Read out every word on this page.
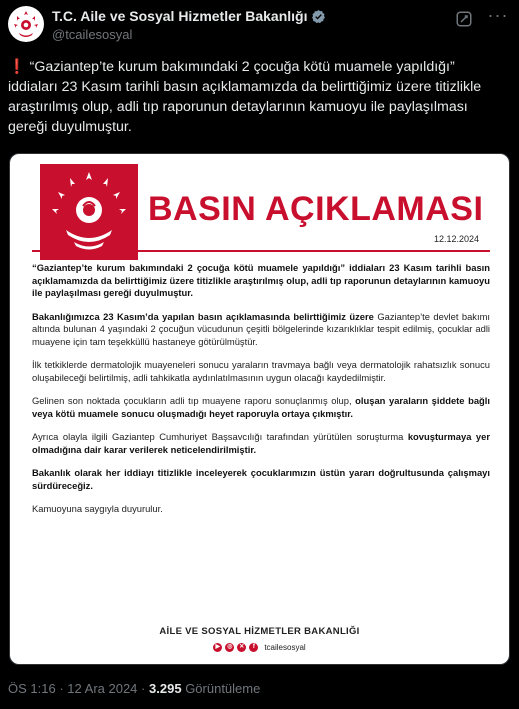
T.C. Aile ve Sosyal Hizmetler Bakanlığı
@tcailesosyal
···
❗ “Gaziantep’te kurum bakımındaki 2 çocuğa kötü muamele yapıldığı” iddiaları 23 Kasım tarihli basın açıklamamızda da belirttiğimiz üzere titizlikle araştırılmış olup, adli tıp raporunun detaylarının kamuoyu ile paylaşılması gereği duyulmuştur.
BASIN AÇIKLAMASI
12.12.2024

“Gaziantep’te kurum bakımındaki 2 çocuğa kötü muamele yapıldığı” iddiaları 23 Kasım tarihli basın açıklamamızda da belirttiğimiz üzere titizlikle araştırılmış olup, adli tıp raporunun detaylarının kamuoyu ile paylaşılması gereği duyulmuştur.

Bakanlığımızca 23 Kasım’da yapılan basın açıklamasında belirttiğimiz üzere Gaziantep’te devlet bakımı altında bulunan 4 yaşındaki 2 çocuğun vücudunun çeşitli bölgelerinde kızarıklıklar tespit edilmiş, çocuklar adli muayene için tam teşekküllü hastaneye götürülmüştür.

İlk tetkiklerde dermatolojik muayeneleri sonucu yaraların travmaya bağlı veya dermatolojik rahatsızlık sonucu oluşabileceği belirtilmiş, adli tahkikatla aydınlatılmasının uygun olacağı kaydedilmiştir.

Gelinen son noktada çocukların adli tıp muayene raporu sonuçlanmış olup, oluşan yaraların şiddete bağlı veya kötü muamele sonucu oluşmadığı heyet raporuyla ortaya çıkmıştır.

Ayrıca olayla ilgili Gaziantep Cumhuriyet Başsavcılığı tarafından yürütülen soruşturma kovuşturmaya yer olmadığına dair karar verilerek neticelendirilmiştir.

Bakanlık olarak her iddiayı titizlikle inceleyerek çocuklarımızın üstün yararı doğrultusunda çalışmayı sürdüreceğiz.

Kamuoyuna saygıyla duyurulur.

AİLE VE SOSYAL HİZMETLER BAKANLIĞI
▶	◎	✕	f	tcailesosyal
ÖS 1:16 · 12 Ara 2024 · 3.295 Görüntüleme
